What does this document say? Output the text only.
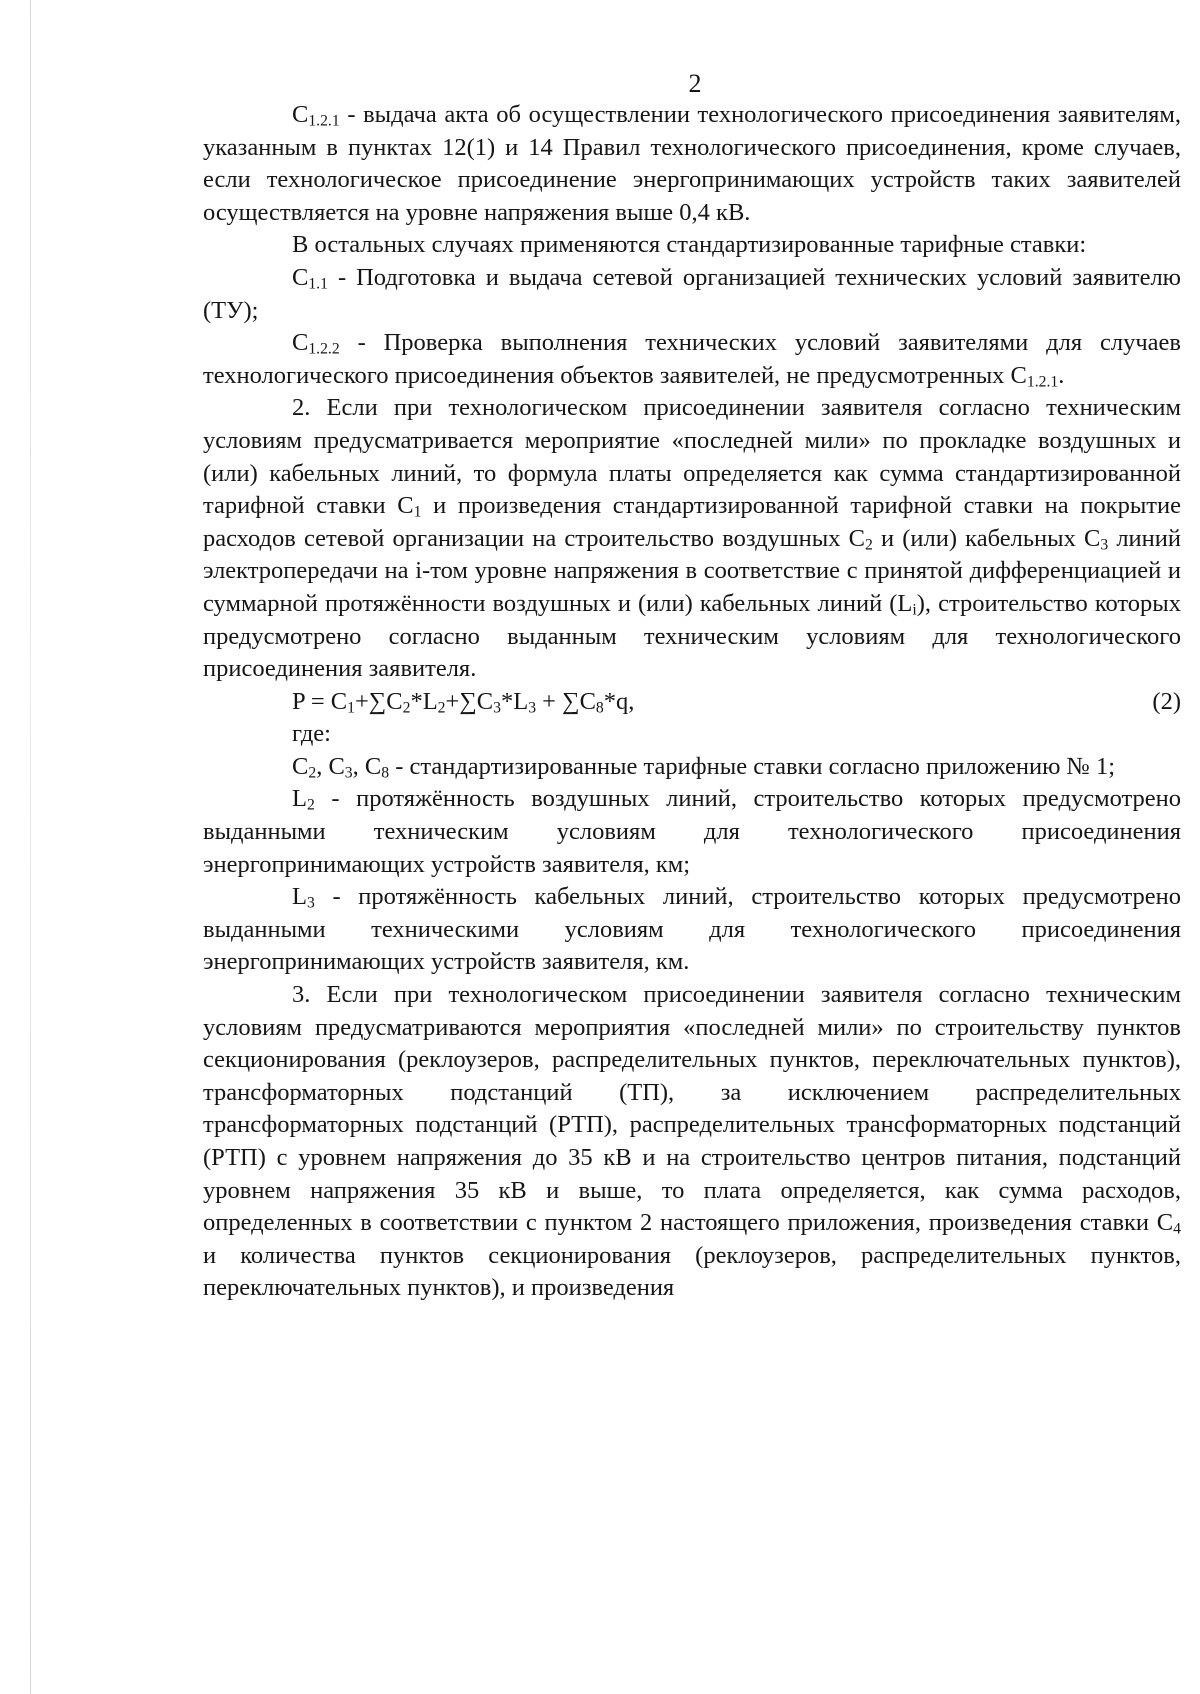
2

$C_{1.2.1}$ - выдача акта об осуществлении технологического присоединения заявителям, указанным в пунктах 12(1) и 14 Правил технологического присоединения, кроме случаев, если технологическое присоединение энергопринимающих устройств таких заявителей осуществляется на уровне напряжения выше 0,4 кВ.

В остальных случаях применяются стандартизированные тарифные ставки:

$C_{1.1}$ - Подготовка и выдача сетевой организацией технических условий заявителю (ТУ);

$C_{1.2.2}$ - Проверка выполнения технических условий заявителями для случаев технологического присоединения объектов заявителей, не предусмотренных $C_{1.2.1}$.

2. Если при технологическом присоединении заявителя согласно техническим условиям предусматривается мероприятие «последней мили» по прокладке воздушных и (или) кабельных линий, то формула платы определяется как сумма стандартизированной тарифной ставки $C_1$ и произведения стандартизированной тарифной ставки на покрытие расходов сетевой организации на строительство воздушных $C_2$ и (или) кабельных $C_3$ линий электропередачи на i-том уровне напряжения в соответствие с принятой дифференциацией и суммарной протяжённости воздушных и (или) кабельных линий $(L_i)$, строительство которых предусмотрено согласно выданным техническим условиям для технологического присоединения заявителя.

$P = C_1+\sum C_2*L_2+\sum C_3*L_3 + \sum C_8*q$,	(2)

где:

$C_2$, $C_3$, $C_8$ - стандартизированные тарифные ставки согласно приложению № 1;

$L_2$ - протяжённость воздушных линий, строительство которых предусмотрено выданными техническим условиям для технологического присоединения энергопринимающих устройств заявителя, км;

$L_3$ - протяжённость кабельных линий, строительство которых предусмотрено выданными техническими условиям для технологического присоединения энергопринимающих устройств заявителя, км.

3. Если при технологическом присоединении заявителя согласно техническим условиям предусматриваются мероприятия «последней мили» по строительству пунктов секционирования (реклоузеров, распределительных пунктов, переключательных пунктов), трансформаторных подстанций (ТП), за исключением распределительных трансформаторных подстанций (РТП), распределительных трансформаторных подстанций (РТП) с уровнем напряжения до 35 кВ и на строительство центров питания, подстанций уровнем напряжения 35 кВ и выше, то плата определяется, как сумма расходов, определенных в соответствии с пунктом 2 настоящего приложения, произведения ставки $C_4$ и количества пунктов секционирования (реклоузеров, распределительных пунктов, переключательных пунктов), и произведения
